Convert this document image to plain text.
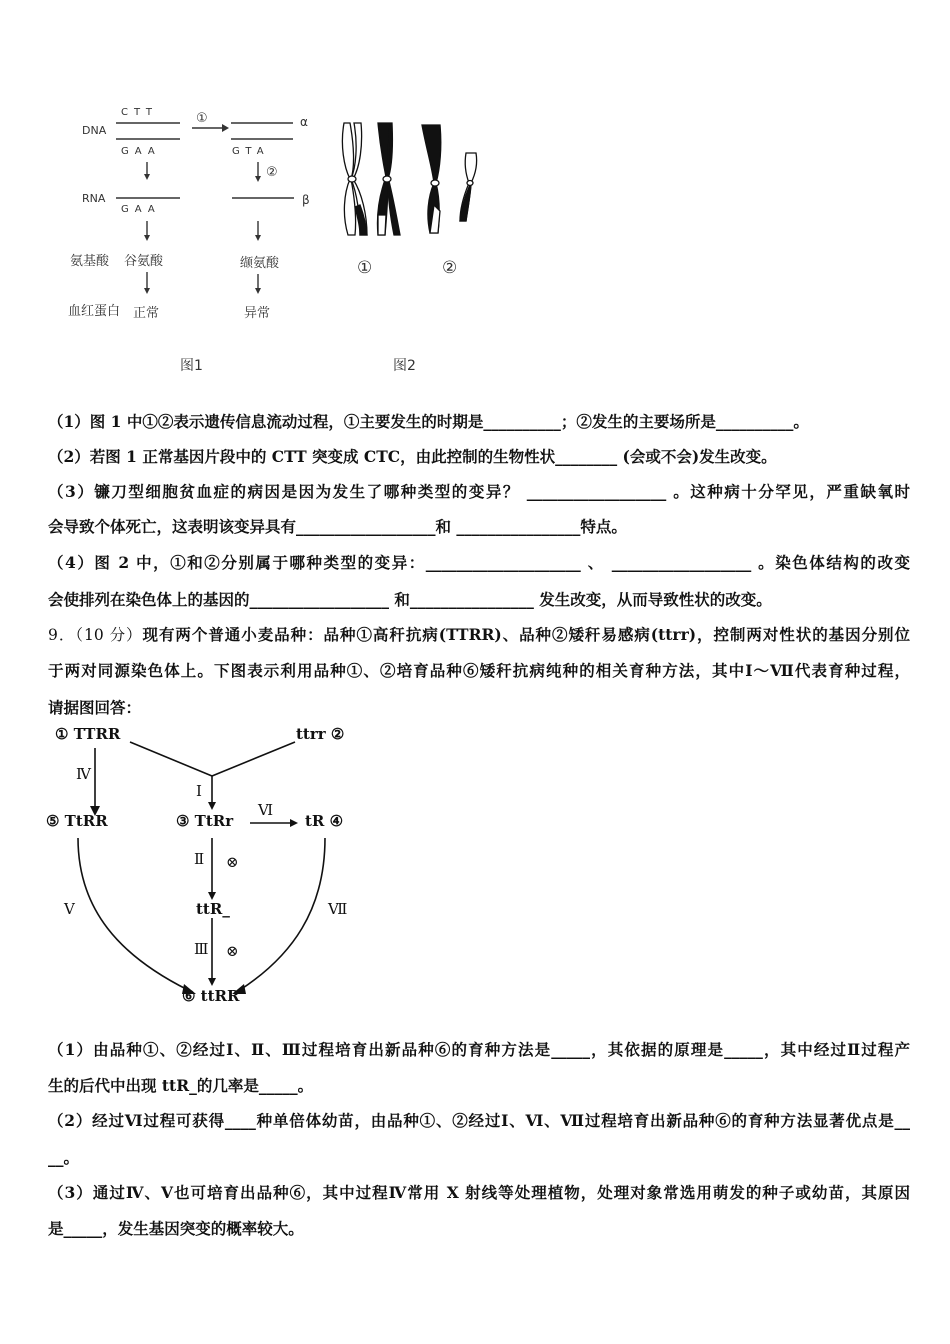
DNA
CTT
GAA
RNA
GAA
GTA
①
②
α
β
氨基酸 谷氨酸	缬氨酸
血红蛋白 正常	异常
图1
①	②
图2
（1）图 1 中①②表示遗传信息流动过程，①主要发生的时期是__________；②发生的主要场所是__________。
（2）若图 1 正常基因片段中的 CTT 突变成 CTC，由此控制的生物性状________ (会或不会)发生改变。
（3）镰刀型细胞贫血症的病因是因为发生了哪种类型的变异？ __________________ 。这种病十分罕见，严重缺氧时
会导致个体死亡，这表明该变异具有__________________和 ________________特点。
（4）图 2 中，①和②分别属于哪种类型的变异：____________________ 、 __________________ 。染色体结构的改变
会使排列在染色体上的基因的__________________ 和________________ 发生改变，从而导致性状的改变。
9．（10 分）现有两个普通小麦品种：品种①高秆抗病(TTRR)、品种②矮秆易感病(ttrr)，控制两对性状的基因分别位
于两对同源染色体上。下图表示利用品种①、②培育品种⑥矮秆抗病纯种的相关育种方法，其中Ⅰ～Ⅶ代表育种过程，
请据图回答：
① TTRR	ttrr ②
⑤ TtRR	③ TtRr	tR ④
ttR_
⑥ ttRR
Ⅳ
Ⅰ
Ⅵ
Ⅱ ⊗
Ⅲ ⊗
Ⅴ	Ⅶ
（1）由品种①、②经过Ⅰ、Ⅱ、Ⅲ过程培育出新品种⑥的育种方法是_____，其依据的原理是_____，其中经过Ⅱ过程产
生的后代中出现 ttR_的几率是_____。
（2）经过Ⅵ过程可获得____种单倍体幼苗，由品种①、②经过Ⅰ、Ⅵ、Ⅶ过程培育出新品种⑥的育种方法显著优点是__
__。
（3）通过Ⅳ、Ⅴ也可培育出品种⑥，其中过程Ⅳ常用 X 射线等处理植物，处理对象常选用萌发的种子或幼苗，其原因
是_____，发生基因突变的概率较大。
